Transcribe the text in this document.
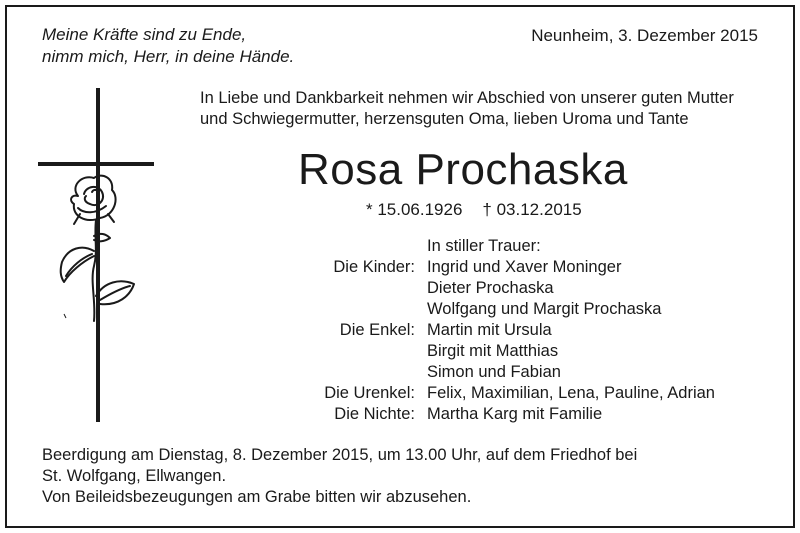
Meine Kräfte sind zu Ende,
nimm mich, Herr, in deine Hände.
Neunheim, 3. Dezember 2015
In Liebe und Dankbarkeit nehmen wir Abschied von unserer guten Mutter und Schwiegermutter, herzensguten Oma, lieben Uroma und Tante
Rosa Prochaska
* 15.06.1926 † 03.12.2015
	In stiller Trauer:
Die Kinder:	Ingrid und Xaver Moninger
	Dieter Prochaska
	Wolfgang und Margit Prochaska
Die Enkel:	Martin mit Ursula
	Birgit mit Matthias
	Simon und Fabian
Die Urenkel:	Felix, Maximilian, Lena, Pauline, Adrian
Die Nichte:	Martha Karg mit Familie
Beerdigung am Dienstag, 8. Dezember 2015, um 13.00 Uhr, auf dem Friedhof bei
St. Wolfgang, Ellwangen.
Von Beileidsbezeugungen am Grabe bitten wir abzusehen.
